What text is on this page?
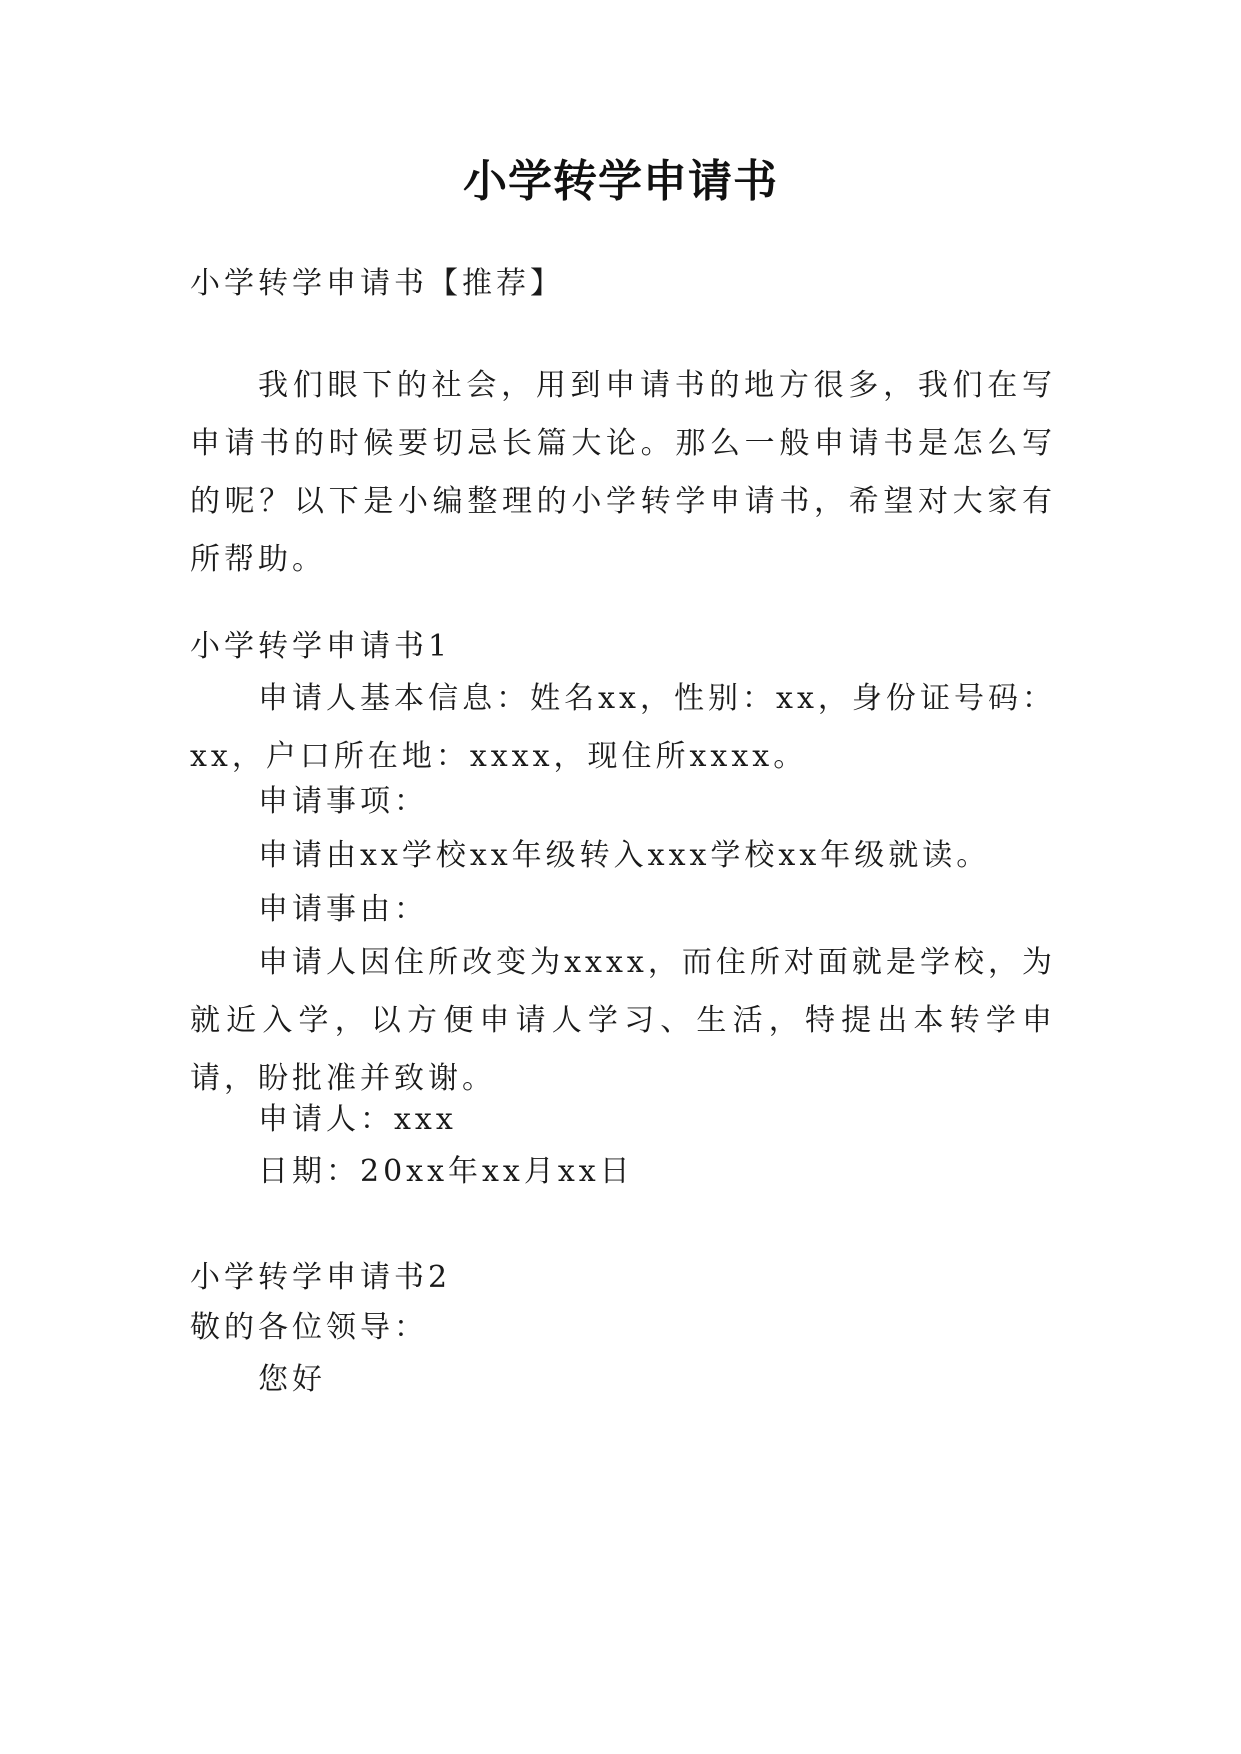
小学转学申请书
小学转学申请书【推荐】
我们眼下的社会，用到申请书的地方很多，我们在写申请书的时候要切忌长篇大论。那么一般申请书是怎么写的呢？以下是小编整理的小学转学申请书，希望对大家有所帮助。
小学转学申请书1
申请人基本信息：姓名xx，性别：xx，身份证号码：xx，户口所在地：xxxx，现住所xxxx。
申请事项：
申请由xx学校xx年级转入xxx学校xx年级就读。
申请事由：
申请人因住所改变为xxxx，而住所对面就是学校，为就近入学，以方便申请人学习、生活，特提出本转学申请，盼批准并致谢。
申请人：xxx
日期：20xx年xx月xx日
小学转学申请书2
敬的各位领导：
您好
